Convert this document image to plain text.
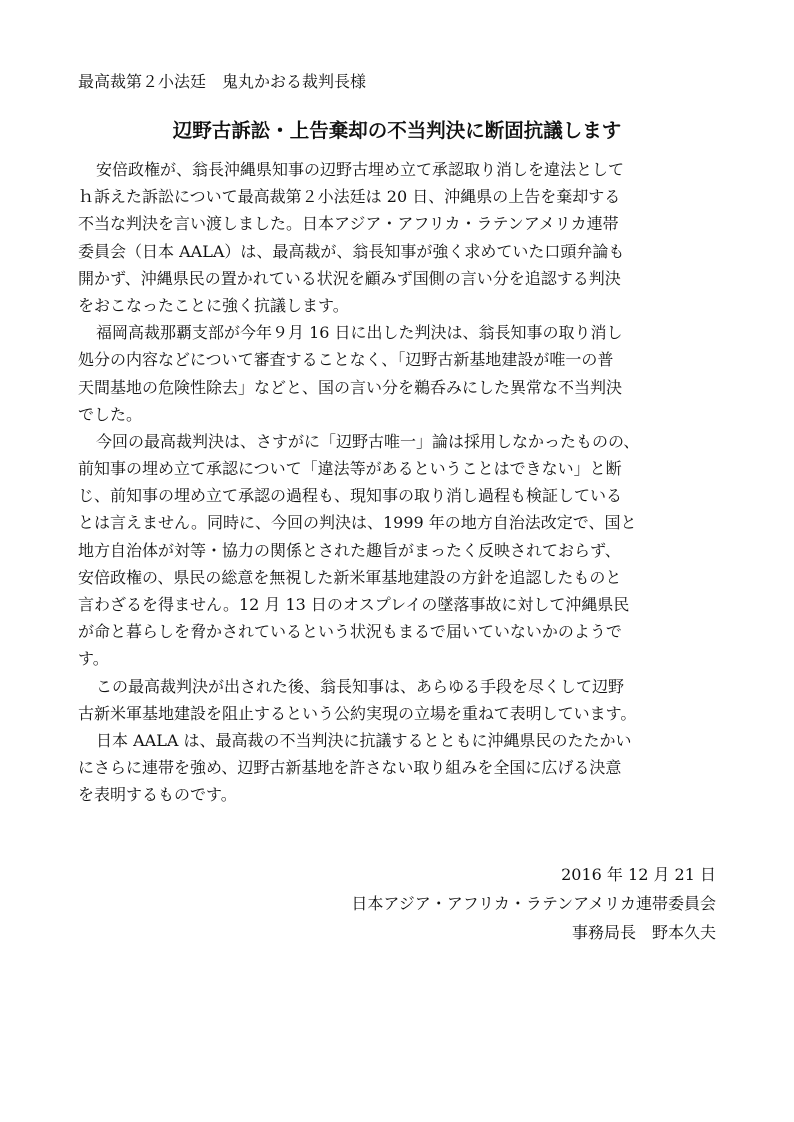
最高裁第２小法廷　鬼丸かおる裁判長様
辺野古訴訟・上告棄却の不当判決に断固抗議します
安倍政権が、翁長沖縄県知事の辺野古埋め立て承認取り消しを違法として
ｈ訴えた訴訟について最高裁第２小法廷は 20 日、沖縄県の上告を棄却する
不当な判決を言い渡しました。日本アジア・アフリカ・ラテンアメリカ連帯
委員会（日本 AALA）は、最高裁が、翁長知事が強く求めていた口頭弁論も
開かず、沖縄県民の置かれている状況を顧みず国側の言い分を追認する判決
をおこなったことに強く抗議します。
福岡高裁那覇支部が今年９月 16 日に出した判決は、翁長知事の取り消し
処分の内容などについて審査することなく、「辺野古新基地建設が唯一の普
天間基地の危険性除去」などと、国の言い分を鵜呑みにした異常な不当判決
でした。
今回の最高裁判決は、さすがに「辺野古唯一」論は採用しなかったものの、
前知事の埋め立て承認について「違法等があるということはできない」と断
じ、前知事の埋め立て承認の過程も、現知事の取り消し過程も検証している
とは言えません。同時に、今回の判決は、1999 年の地方自治法改定で、国と
地方自治体が対等・協力の関係とされた趣旨がまったく反映されておらず、
安倍政権の、県民の総意を無視した新米軍基地建設の方針を追認したものと
言わざるを得ません。12 月 13 日のオスプレイの墜落事故に対して沖縄県民
が命と暮らしを脅かされているという状況もまるで届いていないかのようで
す。
この最高裁判決が出された後、翁長知事は、あらゆる手段を尽くして辺野
古新米軍基地建設を阻止するという公約実現の立場を重ねて表明しています。
日本 AALA は、最高裁の不当判決に抗議するとともに沖縄県民のたたかい
にさらに連帯を強め、辺野古新基地を許さない取り組みを全国に広げる決意
を表明するものです。
2016 年 12 月 21 日
日本アジア・アフリカ・ラテンアメリカ連帯委員会
事務局長　野本久夫
